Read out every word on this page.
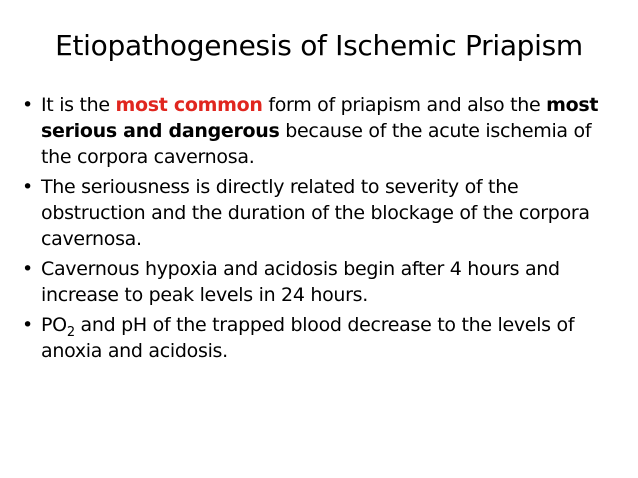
Etiopathogenesis of Ischemic Priapism
• It is the most common form of priapism and also the most serious and dangerous because of the acute ischemia of the corpora cavernosa.
• The seriousness is directly related to severity of the obstruction and the duration of the blockage of the corpora cavernosa.
• Cavernous hypoxia and acidosis begin after 4 hours and increase to peak levels in 24 hours.
• $PO_2$ and pH of the trapped blood decrease to the levels of anoxia and acidosis.
